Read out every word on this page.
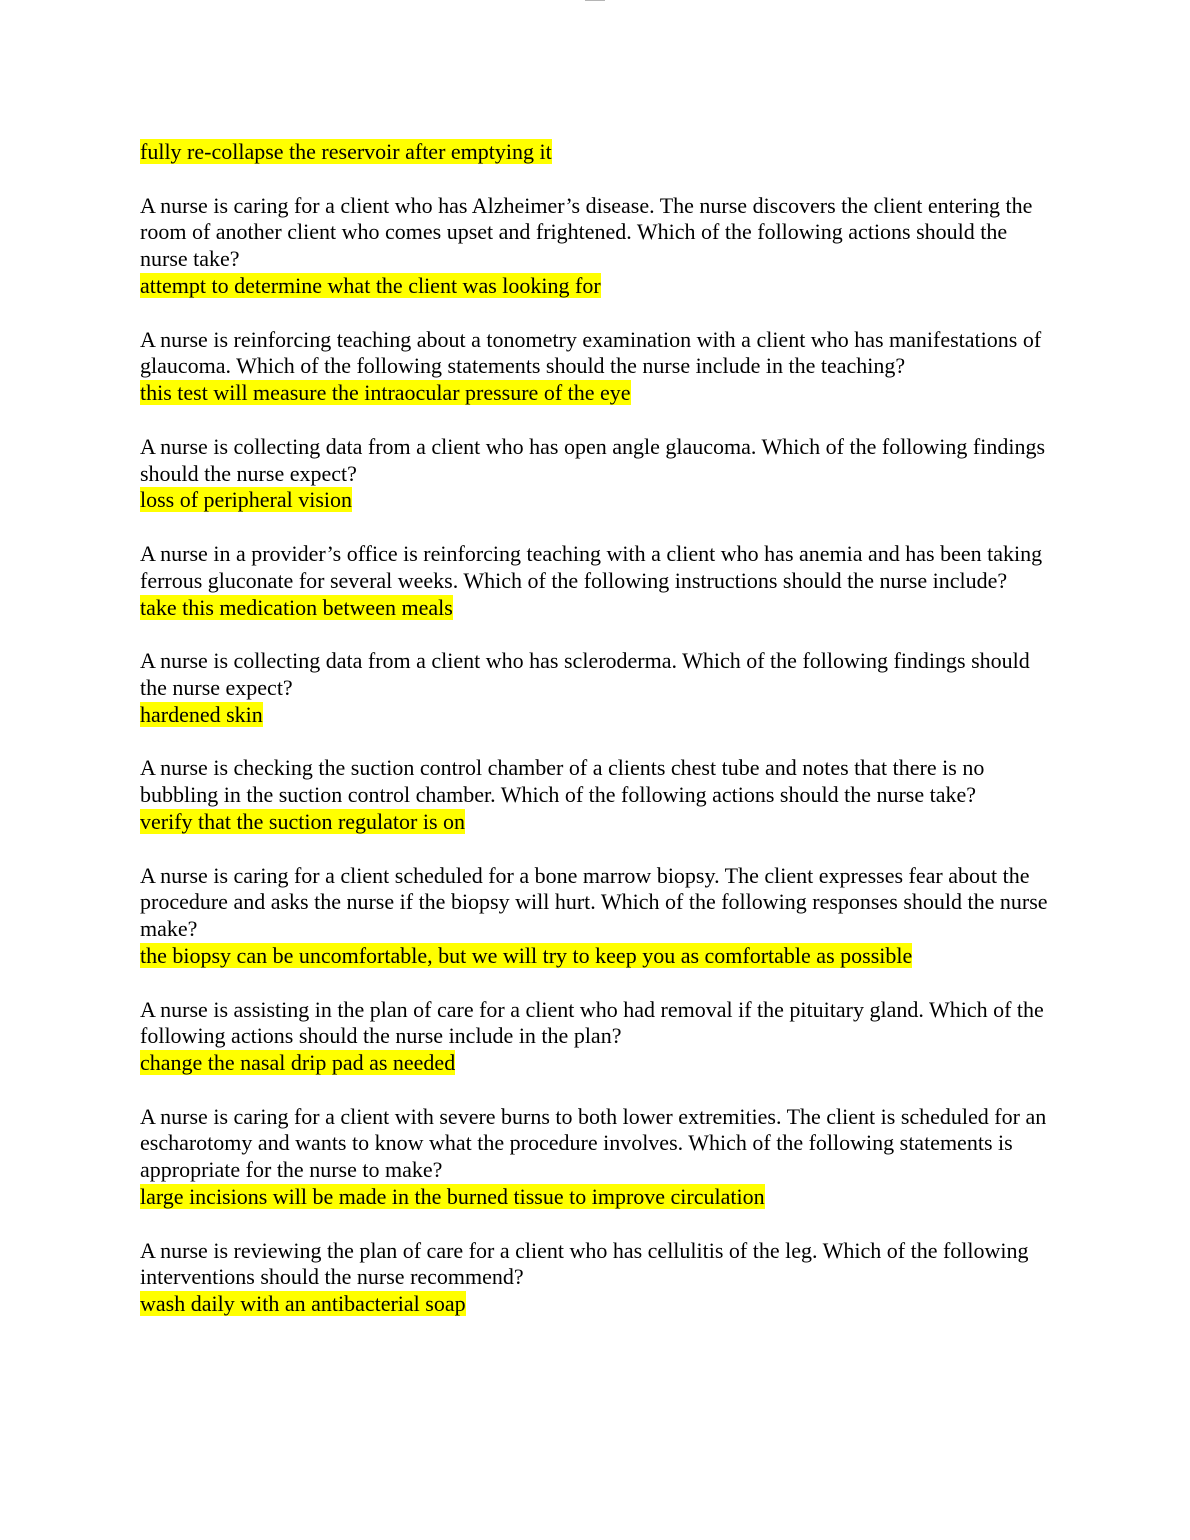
fully re-collapse the reservoir after emptying it
A nurse is caring for a client who has Alzheimer’s disease. The nurse discovers the client entering the room of another client who comes upset and frightened. Which of the following actions should the nurse take?
attempt to determine what the client was looking for
A nurse is reinforcing teaching about a tonometry examination with a client who has manifestations of glaucoma. Which of the following statements should the nurse include in the teaching?
this test will measure the intraocular pressure of the eye
A nurse is collecting data from a client who has open angle glaucoma. Which of the following findings should the nurse expect?
loss of peripheral vision
A nurse in a provider’s office is reinforcing teaching with a client who has anemia and has been taking ferrous gluconate for several weeks. Which of the following instructions should the nurse include?
take this medication between meals
A nurse is collecting data from a client who has scleroderma. Which of the following findings should the nurse expect?
hardened skin
A nurse is checking the suction control chamber of a clients chest tube and notes that there is no bubbling in the suction control chamber. Which of the following actions should the nurse take?
verify that the suction regulator is on
A nurse is caring for a client scheduled for a bone marrow biopsy. The client expresses fear about the procedure and asks the nurse if the biopsy will hurt. Which of the following responses should the nurse make?
the biopsy can be uncomfortable, but we will try to keep you as comfortable as possible
A nurse is assisting in the plan of care for a client who had removal if the pituitary gland. Which of the following actions should the nurse include in the plan?
change the nasal drip pad as needed
A nurse is caring for a client with severe burns to both lower extremities. The client is scheduled for an escharotomy and wants to know what the procedure involves. Which of the following statements is appropriate for the nurse to make?
large incisions will be made in the burned tissue to improve circulation
A nurse is reviewing the plan of care for a client who has cellulitis of the leg. Which of the following interventions should the nurse recommend?
wash daily with an antibacterial soap
